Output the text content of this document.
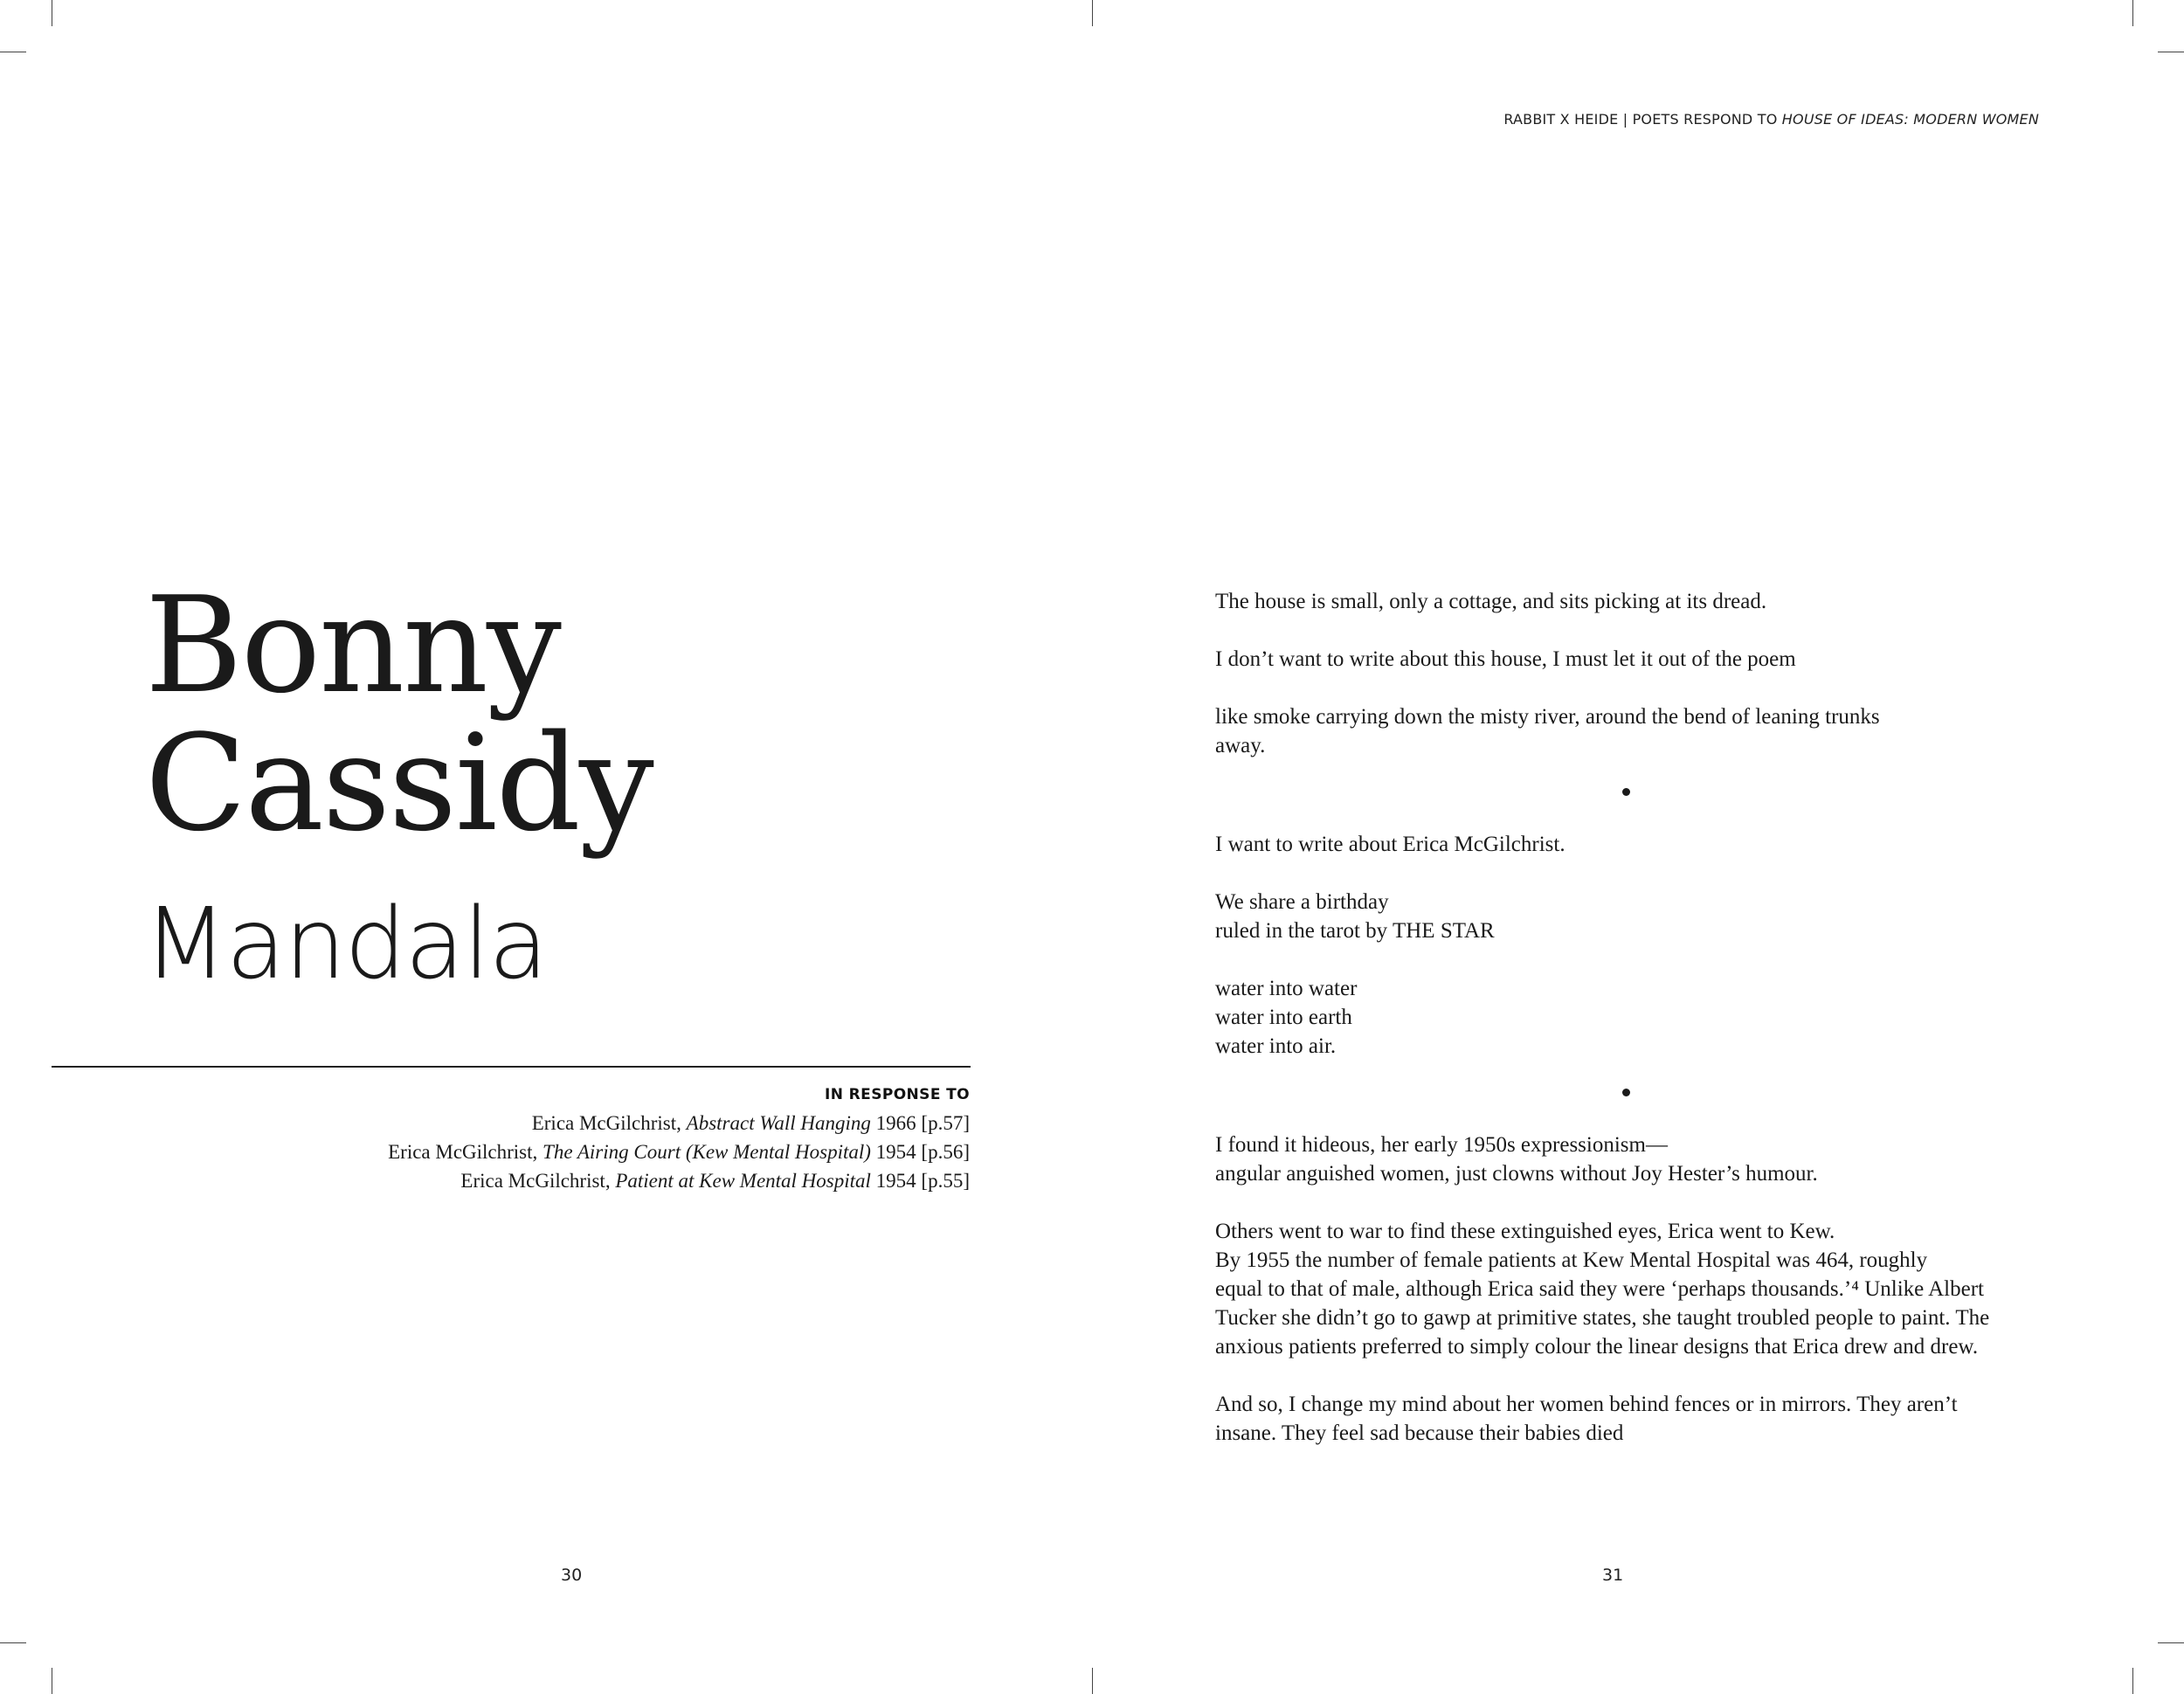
RABBIT X HEIDE | POETS RESPOND TO HOUSE OF IDEAS: MODERN WOMEN
Bonny
Cassidy
Mandala
IN RESPONSE TO
Erica McGilchrist, Abstract Wall Hanging 1966 [p.57]
Erica McGilchrist, The Airing Court (Kew Mental Hospital) 1954 [p.56]
Erica McGilchrist, Patient at Kew Mental Hospital 1954 [p.55]
30

The house is small, only a cottage, and sits picking at its dread.

I don’t want to write about this house, I must let it out of the poem

like smoke carrying down the misty river, around the bend of leaning trunks

away.

I want to write about Erica McGilchrist.

We share a birthday

ruled in the tarot by THE STAR

water into water

water into earth

water into air.

I found it hideous, her early 1950s expressionism—

angular anguished women, just clowns without Joy Hester’s humour.

Others went to war to find these extinguished eyes, Erica went to Kew.

By 1955 the number of female patients at Kew Mental Hospital was 464, roughly

equal to that of male, although Erica said they were ‘perhaps thousands.’⁴ Unlike Albert

Tucker she didn’t go to gawp at primitive states, she taught troubled people to paint. The

anxious patients preferred to simply colour the linear designs that Erica drew and drew.

And so, I change my mind about her women behind fences or in mirrors. They aren’t

insane. They feel sad because their babies died

31
